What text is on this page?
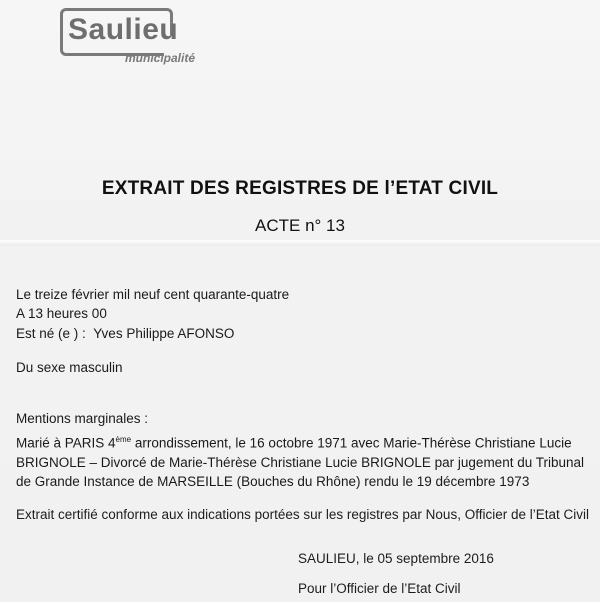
Saulieu
municipalité
EXTRAIT DES REGISTRES DE l’ETAT CIVIL
ACTE n° 13
Le treize février mil neuf cent quarante-quatre
A 13 heures 00
Est né (e ) : Yves Philippe AFONSO
Du sexe masculin
Mentions marginales :
Marié à PARIS 4ème arrondissement, le 16 octobre 1971 avec Marie-Thérèse Christiane Lucie BRIGNOLE – Divorcé de Marie-Thérèse Christiane Lucie BRIGNOLE par jugement du Tribunal de Grande Instance de MARSEILLE (Bouches du Rhône) rendu le 19 décembre 1973
Extrait certifié conforme aux indications portées sur les registres par Nous, Officier de l’Etat Civil
SAULIEU, le 05 septembre 2016
Pour l’Officier de l’Etat Civil
